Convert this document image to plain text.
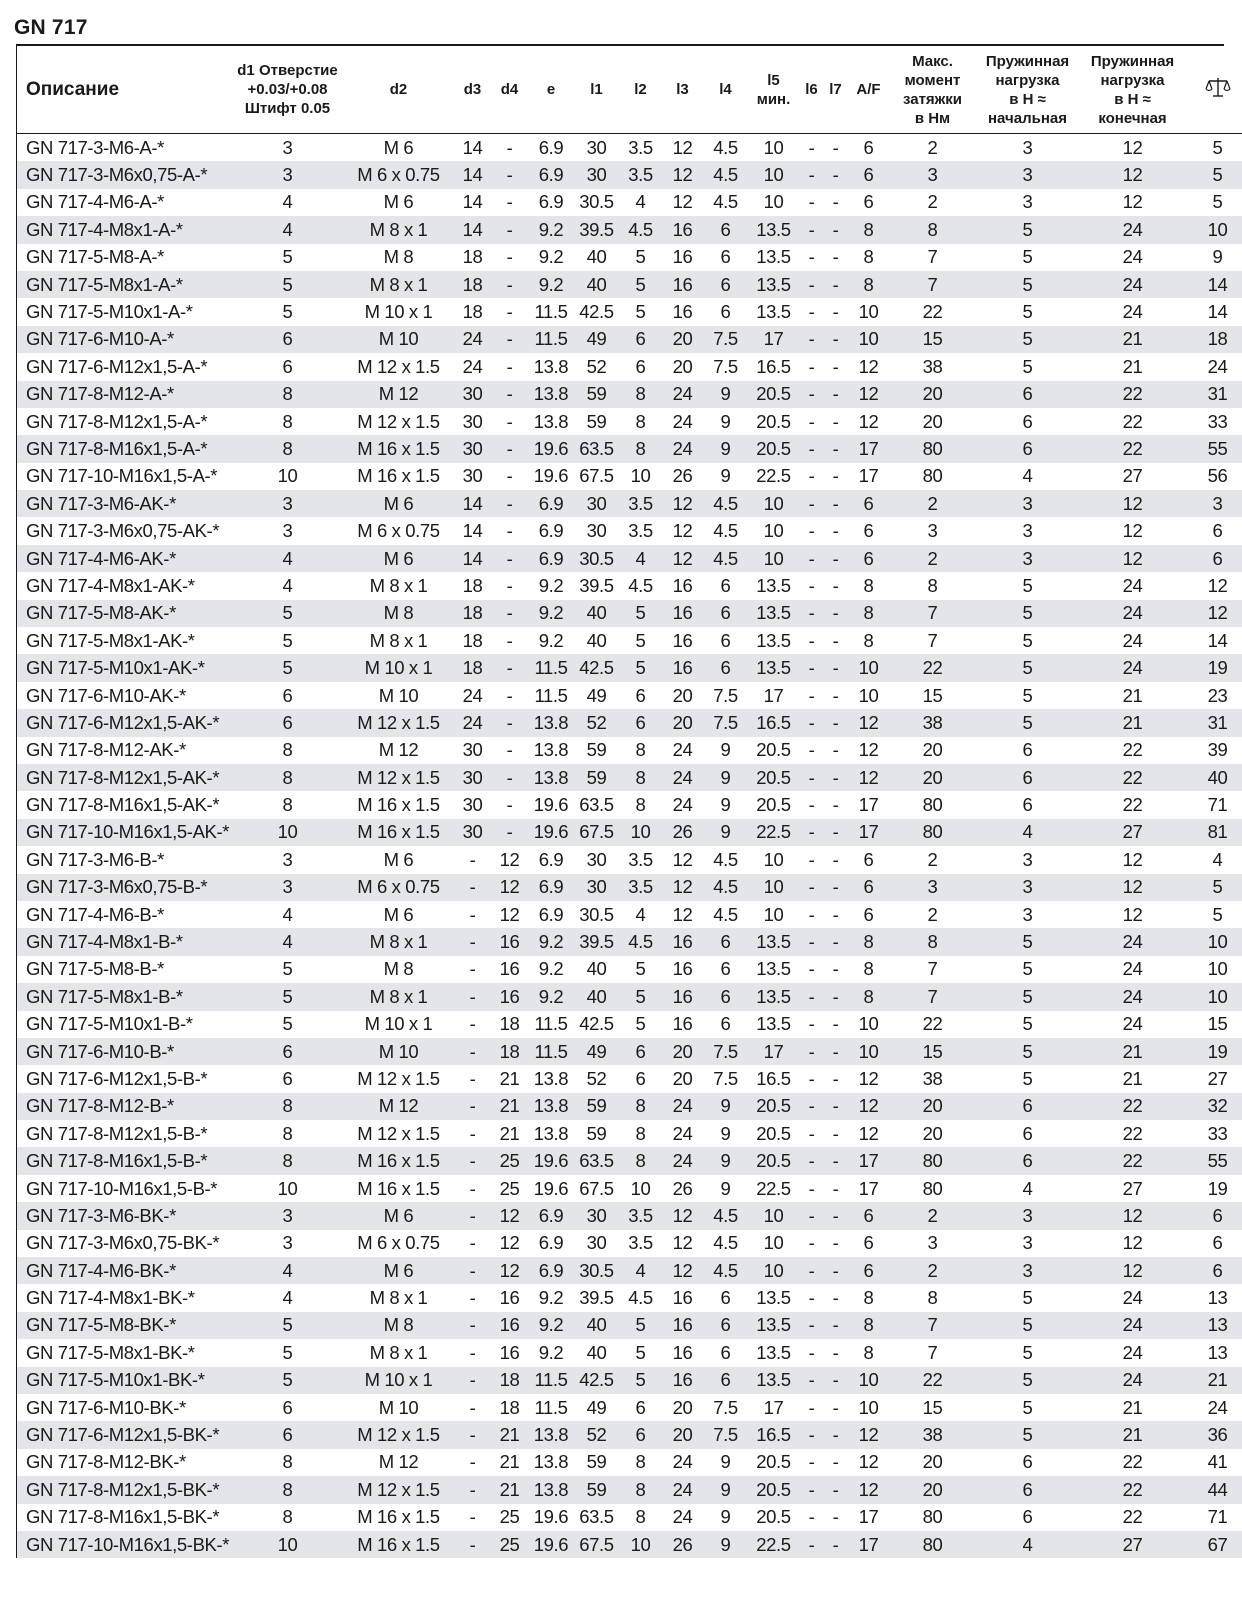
GN 717
Описание	d1 Отверстие
+0.03/+0.08
Штифт 0.05	d2	d3	d4	e	l1	l2	l3	l4	l5
мин.	l6	l7	A/F	Макс.
момент
затяжки
в Нм	Пружинная
нагрузка
в Н ≈
начальная	Пружинная
нагрузка
в Н ≈
конечная

GN 717-3-M6-A-*	3	M 6	14	-	6.9	30	3.5	12	4.5	10	-	-	6	2	3	12	5
GN 717-3-M6x0,75-A-*	3	M 6 x 0.75	14	-	6.9	30	3.5	12	4.5	10	-	-	6	3	3	12	5
GN 717-4-M6-A-*	4	M 6	14	-	6.9	30.5	4	12	4.5	10	-	-	6	2	3	12	5
GN 717-4-M8x1-A-*	4	M 8 x 1	14	-	9.2	39.5	4.5	16	6	13.5	-	-	8	8	5	24	10
GN 717-5-M8-A-*	5	M 8	18	-	9.2	40	5	16	6	13.5	-	-	8	7	5	24	9
GN 717-5-M8x1-A-*	5	M 8 x 1	18	-	9.2	40	5	16	6	13.5	-	-	8	7	5	24	14
GN 717-5-M10x1-A-*	5	M 10 x 1	18	-	11.5	42.5	5	16	6	13.5	-	-	10	22	5	24	14
GN 717-6-M10-A-*	6	M 10	24	-	11.5	49	6	20	7.5	17	-	-	10	15	5	21	18
GN 717-6-M12x1,5-A-*	6	M 12 x 1.5	24	-	13.8	52	6	20	7.5	16.5	-	-	12	38	5	21	24
GN 717-8-M12-A-*	8	M 12	30	-	13.8	59	8	24	9	20.5	-	-	12	20	6	22	31
GN 717-8-M12x1,5-A-*	8	M 12 x 1.5	30	-	13.8	59	8	24	9	20.5	-	-	12	20	6	22	33
GN 717-8-M16x1,5-A-*	8	M 16 x 1.5	30	-	19.6	63.5	8	24	9	20.5	-	-	17	80	6	22	55
GN 717-10-M16x1,5-A-*	10	M 16 x 1.5	30	-	19.6	67.5	10	26	9	22.5	-	-	17	80	4	27	56
GN 717-3-M6-AK-*	3	M 6	14	-	6.9	30	3.5	12	4.5	10	-	-	6	2	3	12	3
GN 717-3-M6x0,75-AK-*	3	M 6 x 0.75	14	-	6.9	30	3.5	12	4.5	10	-	-	6	3	3	12	6
GN 717-4-M6-AK-*	4	M 6	14	-	6.9	30.5	4	12	4.5	10	-	-	6	2	3	12	6
GN 717-4-M8x1-AK-*	4	M 8 x 1	18	-	9.2	39.5	4.5	16	6	13.5	-	-	8	8	5	24	12
GN 717-5-M8-AK-*	5	M 8	18	-	9.2	40	5	16	6	13.5	-	-	8	7	5	24	12
GN 717-5-M8x1-AK-*	5	M 8 x 1	18	-	9.2	40	5	16	6	13.5	-	-	8	7	5	24	14
GN 717-5-M10x1-AK-*	5	M 10 x 1	18	-	11.5	42.5	5	16	6	13.5	-	-	10	22	5	24	19
GN 717-6-M10-AK-*	6	M 10	24	-	11.5	49	6	20	7.5	17	-	-	10	15	5	21	23
GN 717-6-M12x1,5-AK-*	6	M 12 x 1.5	24	-	13.8	52	6	20	7.5	16.5	-	-	12	38	5	21	31
GN 717-8-M12-AK-*	8	M 12	30	-	13.8	59	8	24	9	20.5	-	-	12	20	6	22	39
GN 717-8-M12x1,5-AK-*	8	M 12 x 1.5	30	-	13.8	59	8	24	9	20.5	-	-	12	20	6	22	40
GN 717-8-M16x1,5-AK-*	8	M 16 x 1.5	30	-	19.6	63.5	8	24	9	20.5	-	-	17	80	6	22	71
GN 717-10-M16x1,5-AK-*	10	M 16 x 1.5	30	-	19.6	67.5	10	26	9	22.5	-	-	17	80	4	27	81
GN 717-3-M6-B-*	3	M 6	-	12	6.9	30	3.5	12	4.5	10	-	-	6	2	3	12	4
GN 717-3-M6x0,75-B-*	3	M 6 x 0.75	-	12	6.9	30	3.5	12	4.5	10	-	-	6	3	3	12	5
GN 717-4-M6-B-*	4	M 6	-	12	6.9	30.5	4	12	4.5	10	-	-	6	2	3	12	5
GN 717-4-M8x1-B-*	4	M 8 x 1	-	16	9.2	39.5	4.5	16	6	13.5	-	-	8	8	5	24	10
GN 717-5-M8-B-*	5	M 8	-	16	9.2	40	5	16	6	13.5	-	-	8	7	5	24	10
GN 717-5-M8x1-B-*	5	M 8 x 1	-	16	9.2	40	5	16	6	13.5	-	-	8	7	5	24	10
GN 717-5-M10x1-B-*	5	M 10 x 1	-	18	11.5	42.5	5	16	6	13.5	-	-	10	22	5	24	15
GN 717-6-M10-B-*	6	M 10	-	18	11.5	49	6	20	7.5	17	-	-	10	15	5	21	19
GN 717-6-M12x1,5-B-*	6	M 12 x 1.5	-	21	13.8	52	6	20	7.5	16.5	-	-	12	38	5	21	27
GN 717-8-M12-B-*	8	M 12	-	21	13.8	59	8	24	9	20.5	-	-	12	20	6	22	32
GN 717-8-M12x1,5-B-*	8	M 12 x 1.5	-	21	13.8	59	8	24	9	20.5	-	-	12	20	6	22	33
GN 717-8-M16x1,5-B-*	8	M 16 x 1.5	-	25	19.6	63.5	8	24	9	20.5	-	-	17	80	6	22	55
GN 717-10-M16x1,5-B-*	10	M 16 x 1.5	-	25	19.6	67.5	10	26	9	22.5	-	-	17	80	4	27	19
GN 717-3-M6-BK-*	3	M 6	-	12	6.9	30	3.5	12	4.5	10	-	-	6	2	3	12	6
GN 717-3-M6x0,75-BK-*	3	M 6 x 0.75	-	12	6.9	30	3.5	12	4.5	10	-	-	6	3	3	12	6
GN 717-4-M6-BK-*	4	M 6	-	12	6.9	30.5	4	12	4.5	10	-	-	6	2	3	12	6
GN 717-4-M8x1-BK-*	4	M 8 x 1	-	16	9.2	39.5	4.5	16	6	13.5	-	-	8	8	5	24	13
GN 717-5-M8-BK-*	5	M 8	-	16	9.2	40	5	16	6	13.5	-	-	8	7	5	24	13
GN 717-5-M8x1-BK-*	5	M 8 x 1	-	16	9.2	40	5	16	6	13.5	-	-	8	7	5	24	13
GN 717-5-M10x1-BK-*	5	M 10 x 1	-	18	11.5	42.5	5	16	6	13.5	-	-	10	22	5	24	21
GN 717-6-M10-BK-*	6	M 10	-	18	11.5	49	6	20	7.5	17	-	-	10	15	5	21	24
GN 717-6-M12x1,5-BK-*	6	M 12 x 1.5	-	21	13.8	52	6	20	7.5	16.5	-	-	12	38	5	21	36
GN 717-8-M12-BK-*	8	M 12	-	21	13.8	59	8	24	9	20.5	-	-	12	20	6	22	41
GN 717-8-M12x1,5-BK-*	8	M 12 x 1.5	-	21	13.8	59	8	24	9	20.5	-	-	12	20	6	22	44
GN 717-8-M16x1,5-BK-*	8	M 16 x 1.5	-	25	19.6	63.5	8	24	9	20.5	-	-	17	80	6	22	71
GN 717-10-M16x1,5-BK-*	10	M 16 x 1.5	-	25	19.6	67.5	10	26	9	22.5	-	-	17	80	4	27	67
